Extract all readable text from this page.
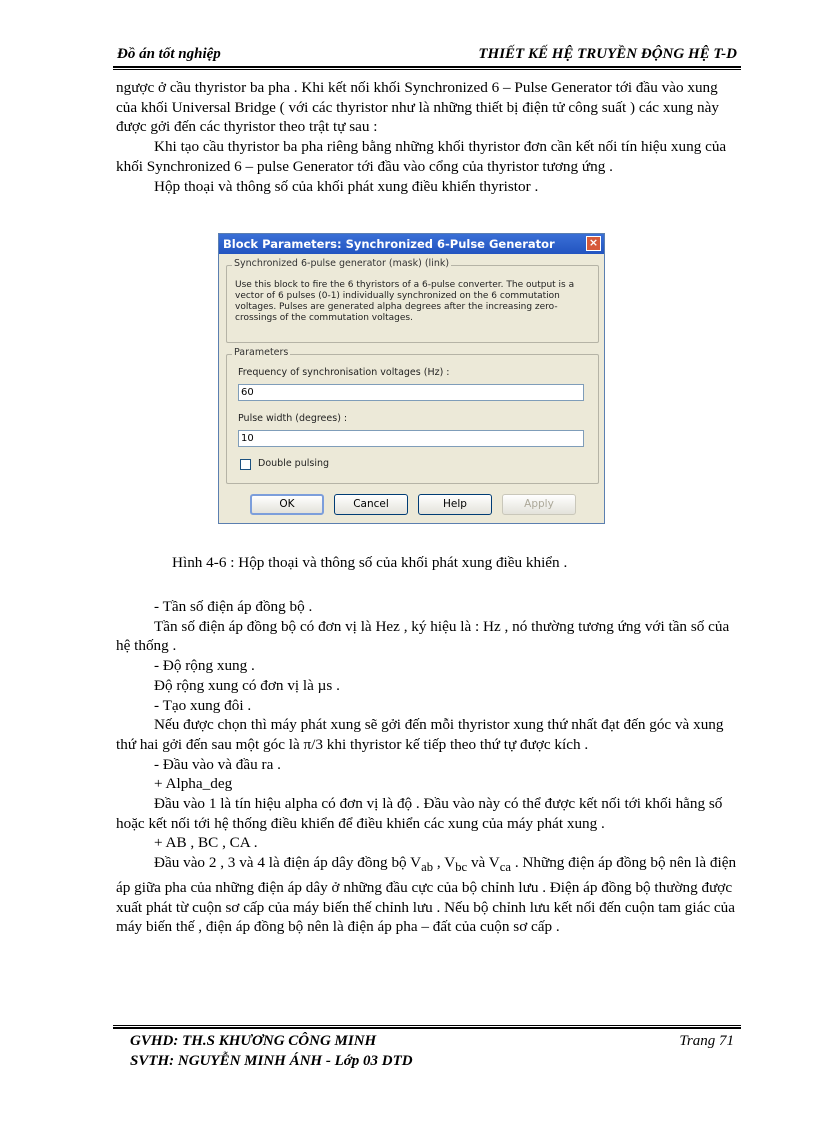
Đồ án tốt nghiệp	THIẾT KẾ HỆ TRUYỀN ĐỘNG HỆ T-D

ngược ở cầu thyristor ba pha . Khi kết nối khối Synchronized 6 – Pulse Generator tới đầu vào xung của khối Universal Bridge ( với các thyristor như là những thiết bị điện tử công suất ) các xung này được gởi đến các thyristor theo trật tự sau :

Khi tạo cầu thyristor ba pha riêng bằng những khối thyristor đơn cần kết nối tín hiệu xung của khối Synchronized 6 – pulse Generator tới đầu vào cổng của thyristor tương ứng .

Hộp thoại và thông số của khối phát xung điều khiển thyristor .

Block Parameters: Synchronized 6-Pulse Generator	×
Synchronized 6-pulse generator (mask) (link)
Use this block to fire the 6 thyristors of a 6-pulse converter. The output is a vector of 6 pulses (0-1) individually synchronized on the 6 commutation voltages. Pulses are generated alpha degrees after the increasing zero-crossings of the commutation voltages.
Parameters
Frequency of synchronisation voltages (Hz) :
60
Pulse width (degrees) :
10
Double pulsing
OK	Cancel	Help	Apply
Hình 4-6 : Hộp thoại và thông số của khối phát xung điều khiển .

- Tần số điện áp đồng bộ .

Tần số điện áp đồng bộ có đơn vị là Hez , ký hiệu là : Hz , nó thường tương ứng với tần số của hệ thống .

- Độ rộng xung .

Độ rộng xung có đơn vị là µs .

- Tạo xung đôi .

Nếu được chọn thì máy phát xung sẽ gởi đến mỗi thyristor xung thứ nhất đạt đến góc và xung thứ hai gởi đến sau một góc là π/3 khi thyristor kế tiếp theo thứ tự được kích .

- Đầu vào và đầu ra .

+ Alpha_deg

Đầu vào 1 là tín hiệu alpha có đơn vị là độ . Đầu vào này có thể được kết nối tới khối hằng số hoặc kết nối tới hệ thống điều khiển để điều khiển các xung của máy phát xung .

+ AB , BC , CA .

Đầu vào 2 , 3 và 4 là điện áp dây đồng bộ $V_{ab}$ , $V_{bc}$ và $V_{ca}$ . Những điện áp đồng bộ nên là điện áp giữa pha của những điện áp dây ở những đầu cực của bộ chỉnh lưu . Điện áp đồng bộ thường được xuất phát từ cuộn sơ cấp của máy biến thế chỉnh lưu . Nếu bộ chỉnh lưu kết nối đến cuộn tam giác của máy biến thế , điện áp đồng bộ nên là điện áp pha – đất của cuộn sơ cấp .

GVHD: TH.S KHƯƠNG CÔNG MINH
SVTH: NGUYỄN MINH ÁNH - Lớp 03 DTD
Trang 71
